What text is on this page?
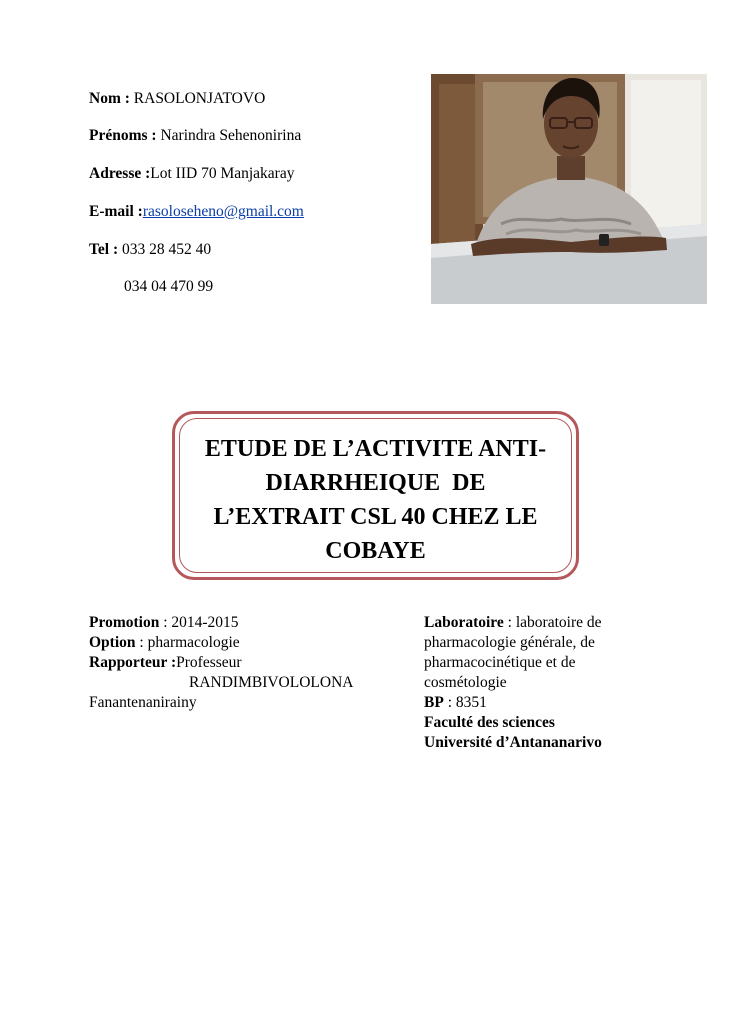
Nom : RASOLONJATOVO
Prénoms : Narindra Sehenonirina
Adresse :Lot IID 70 Manjakaray
E-mail :rasoloseheno@gmail.com
Tel : 033 28 452 40
034 04 470 99
ETUDE DE L’ACTIVITE ANTI-
DIARRHEIQUE  DE
L’EXTRAIT CSL 40 CHEZ LE
COBAYE
Promotion : 2014-2015
Option : pharmacologie
Rapporteur :Professeur
RANDIMBIVOLOLONA
Fanantenanirainy
Laboratoire : laboratoire de
pharmacologie générale, de
pharmacocinétique et de
cosmétologie
BP : 8351
Faculté des sciences
Université d’Antananarivo
